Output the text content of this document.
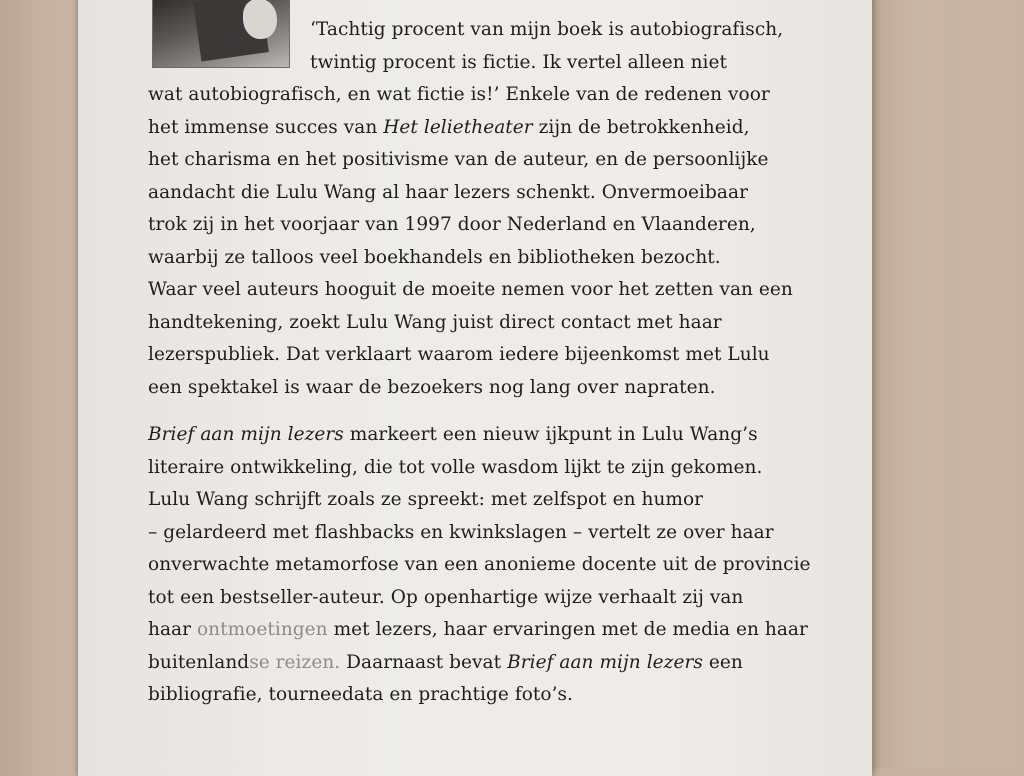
‘Tachtig procent van mijn boek is autobiografisch,
twintig procent is fictie. Ik vertel alleen niet
wat autobiografisch, en wat fictie is!’ Enkele van de redenen voor
het immense succes van Het lelietheater zijn de betrokkenheid,
het charisma en het positivisme van de auteur, en de persoonlijke
aandacht die Lulu Wang al haar lezers schenkt. Onvermoeibaar
trok zij in het voorjaar van 1997 door Nederland en Vlaanderen,
waarbij ze talloos veel boekhandels en bibliotheken bezocht.
Waar veel auteurs hooguit de moeite nemen voor het zetten van een
handtekening, zoekt Lulu Wang juist direct contact met haar
lezerspubliek. Dat verklaart waarom iedere bijeenkomst met Lulu
een spektakel is waar de bezoekers nog lang over napraten.
Brief aan mijn lezers markeert een nieuw ijkpunt in Lulu Wang’s
literaire ontwikkeling, die tot volle wasdom lijkt te zijn gekomen.
Lulu Wang schrijft zoals ze spreekt: met zelfspot en humor
– gelardeerd met flashbacks en kwinkslagen – vertelt ze over haar
onverwachte metamorfose van een anonieme docente uit de provincie
tot een bestseller-auteur. Op openhartige wijze verhaalt zij van
haar ontmoetingen met lezers, haar ervaringen met de media en haar
buitenlandse reizen. Daarnaast bevat Brief aan mijn lezers een
bibliografie, tourneedata en prachtige foto’s.
